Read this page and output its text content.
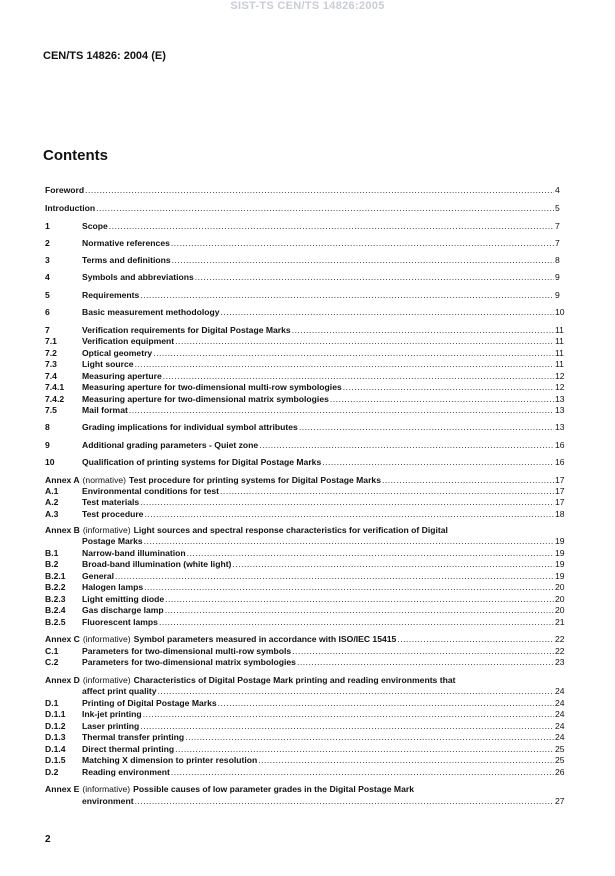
SIST-TS CEN/TS 14826:2005
CEN/TS 14826: 2004 (E)
Contents
Foreword .....	4
Introduction .....	5
1	Scope .....	7
2	Normative references .....	7
3	Terms and definitions .....	8
4	Symbols and abbreviations .....	9
5	Requirements .....	9
6	Basic measurement methodology .....	10
7	Verification requirements for Digital Postage Marks .....	11
7.1	Verification equipment .....	11
7.2	Optical geometry .....	11
7.3	Light source .....	11
7.4	Measuring aperture .....	12
7.4.1 Measuring aperture for two-dimensional multi-row symbologies .....	12
7.4.2 Measuring aperture for two-dimensional matrix symbologies .....	13
7.5	Mail format .....	13
8	Grading implications for individual symbol attributes .....	13
9	Additional grading parameters - Quiet zone .....	16
10	Qualification of printing systems for Digital Postage Marks .....	16
Annex A (normative) Test procedure for printing systems for Digital Postage Marks .....	17
A.1	Environmental conditions for test .....	17
A.2	Test materials .....	17
A.3	Test procedure .....	18
Annex B (informative) Light sources and spectral response characteristics for verification of Digital
Postage Marks .....	19
B.1	Narrow-band illumination .....	19
B.2	Broad-band illumination (white light) .....	19
B.2.1 General .....	19
B.2.2 Halogen lamps .....	20
B.2.3 Light emitting diode .....	20
B.2.4 Gas discharge lamp .....	20
B.2.5 Fluorescent lamps .....	21
Annex C (informative) Symbol parameters measured in accordance with ISO/IEC 15415 .....	22
C.1	Parameters for two-dimensional multi-row symbols .....	22
C.2	Parameters for two-dimensional matrix symbologies .....	23
Annex D (informative) Characteristics of Digital Postage Mark printing and reading environments that
affect print quality .....	24
D.1	Printing of Digital Postage Marks .....	24
D.1.1 Ink-jet printing .....	24
D.1.2 Laser printing .....	24
D.1.3 Thermal transfer printing .....	24
D.1.4 Direct thermal printing .....	25
D.1.5 Matching X dimension to printer resolution .....	25
D.2	Reading environment .....	26
Annex E (informative) Possible causes of low parameter grades in the Digital Postage Mark
environment .....	27
2
